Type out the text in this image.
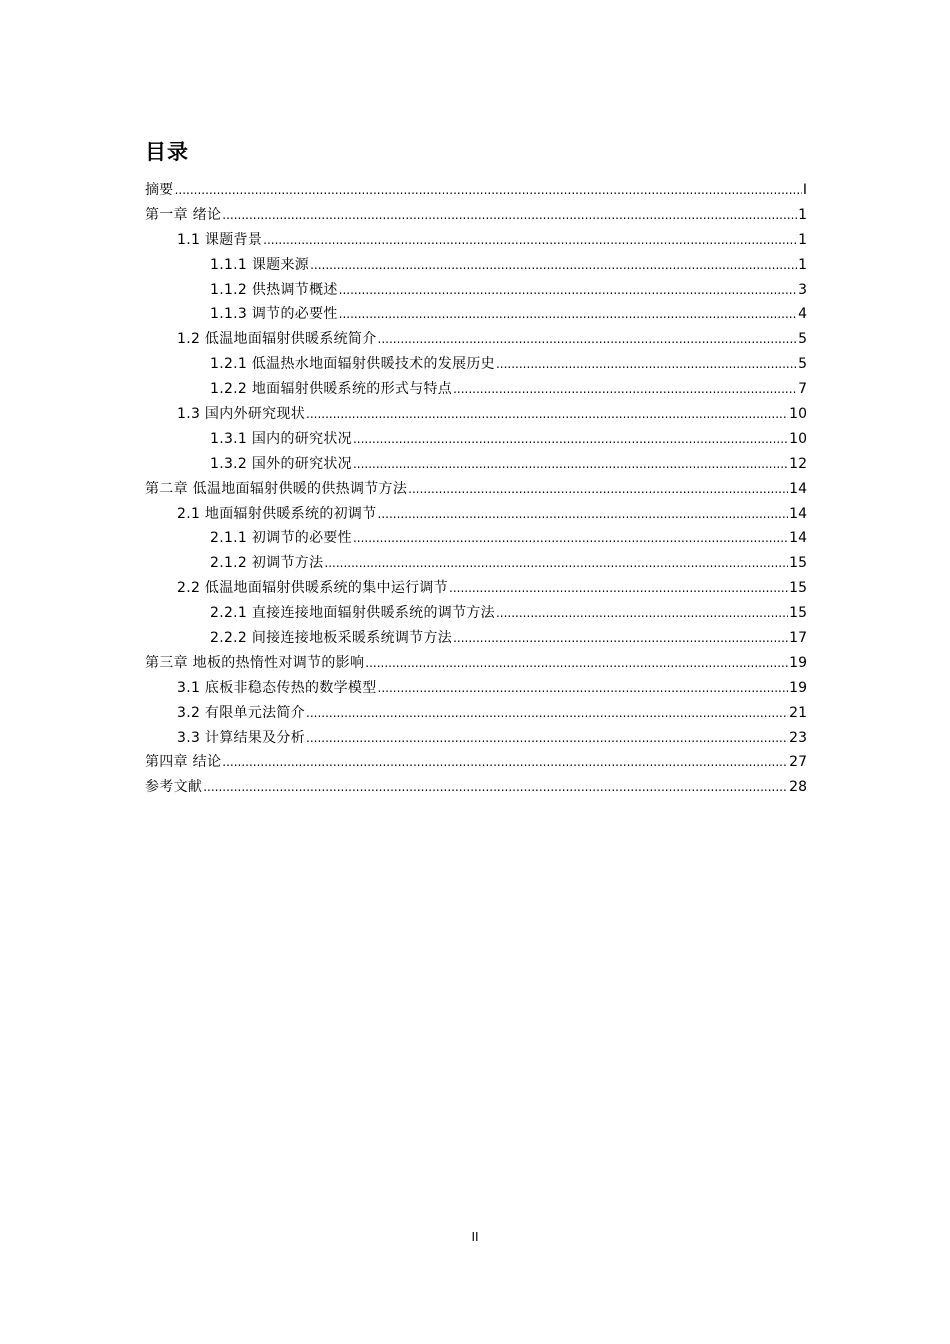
目录
摘要 .....	I
第一章 绪论 .....	1
1.1 课题背景 .....	1
1.1.1 课题来源 .....	1
1.1.2 供热调节概述 .....	3
1.1.3 调节的必要性 .....	4
1.2 低温地面辐射供暖系统简介 .....	5
1.2.1 低温热水地面辐射供暖技术的发展历史 .....	5
1.2.2 地面辐射供暖系统的形式与特点 .....	7
1.3 国内外研究现状 .....	10
1.3.1 国内的研究状况 .....	10
1.3.2 国外的研究状况 .....	12
第二章 低温地面辐射供暖的供热调节方法 .....	14
2.1 地面辐射供暖系统的初调节 .....	14
2.1.1 初调节的必要性 .....	14
2.1.2 初调节方法 .....	15
2.2 低温地面辐射供暖系统的集中运行调节 .....	15
2.2.1 直接连接地面辐射供暖系统的调节方法 .....	15
2.2.2 间接连接地板采暖系统调节方法 .....	17
第三章 地板的热惰性对调节的影响 .....	19
3.1 底板非稳态传热的数学模型 .....	19
3.2 有限单元法简介 .....	21
3.3 计算结果及分析 .....	23
第四章 结论 .....	27
参考文献 .....	28
II
